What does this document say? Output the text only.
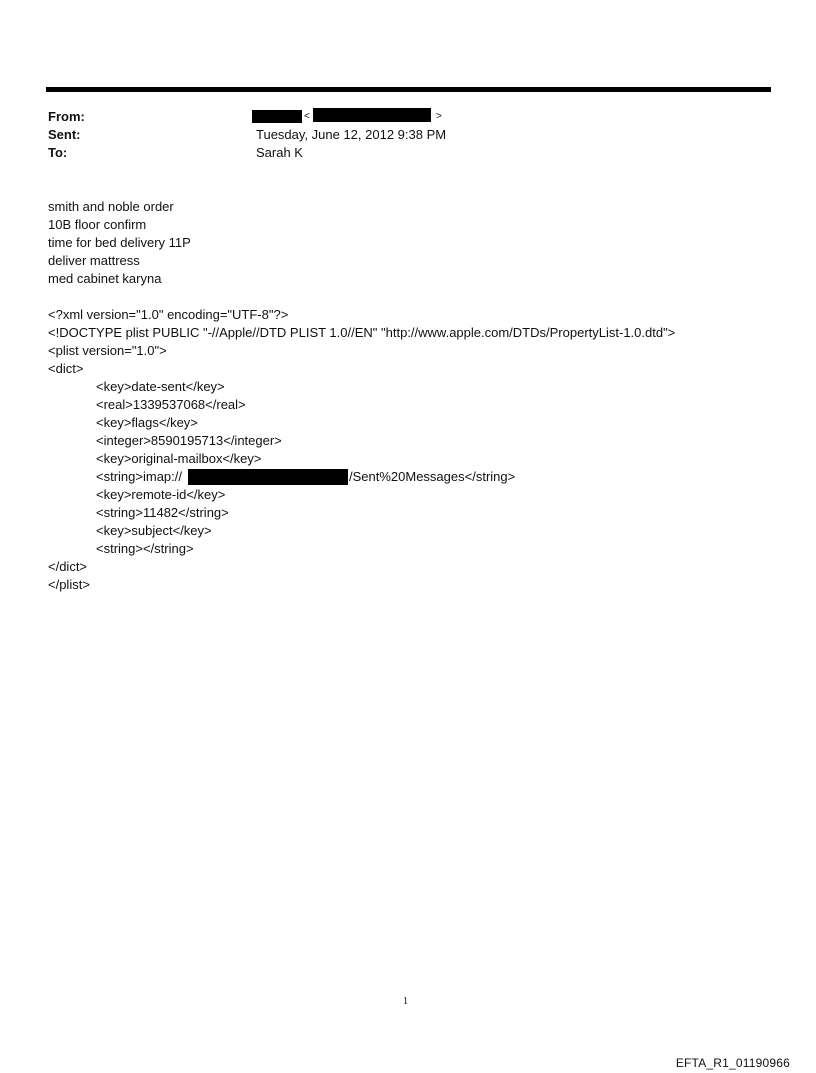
From:
Sent:
To:
<	>
Tuesday, June 12, 2012 9:38 PM
Sarah K
smith and noble order
10B floor confirm
time for bed delivery 11P
deliver mattress
med cabinet karyna
<?xml version="1.0" encoding="UTF-8"?>
<!DOCTYPE plist PUBLIC "-//Apple//DTD PLIST 1.0//EN" "http://www.apple.com/DTDs/PropertyList-1.0.dtd">
<plist version="1.0">
<dict>
<key>date-sent</key>
<real>1339537068</real>
<key>flags</key>
<integer>8590195713</integer>
<key>original-mailbox</key>
<string>imap://	/Sent%20Messages</string>
<key>remote-id</key>
<string>11482</string>
<key>subject</key>
<string></string>
</dict>
</plist>
1
EFTA_R1_01190966
